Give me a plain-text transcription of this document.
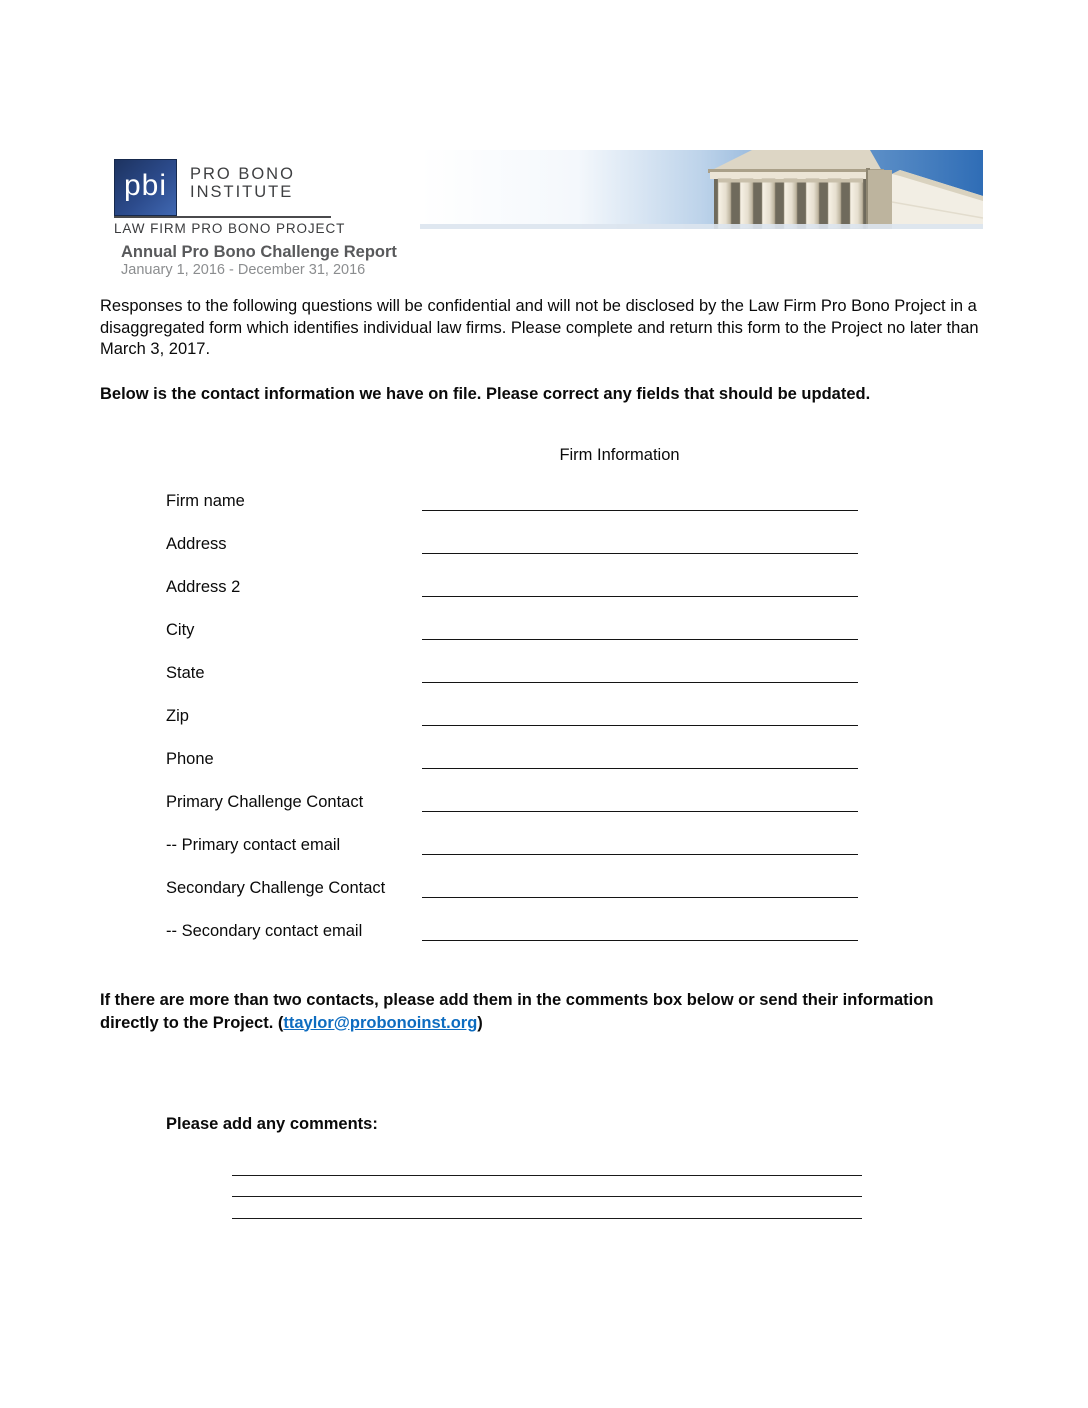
pbi PRO BONO
INSTITUTE
LAW FIRM PRO BONO PROJECT
Annual Pro Bono Challenge Report
January 1, 2016 - December 31, 2016

Responses to the following questions will be confidential and will not be disclosed by the Law Firm Pro Bono Project in a disaggregated form which identifies individual law firms. Please complete and return this form to the Project no later than March 3, 2017.

Below is the contact information we have on file. Please correct any fields that should be updated.

Firm Information
Firm name
Address
Address 2
City
State
Zip
Phone
Primary Challenge Contact
-- Primary contact email
Secondary Challenge Contact
-- Secondary contact email

If there are more than two contacts, please add them in the comments box below or send their information directly to the Project. (ttaylor@probonoinst.org)

Please add any comments:
